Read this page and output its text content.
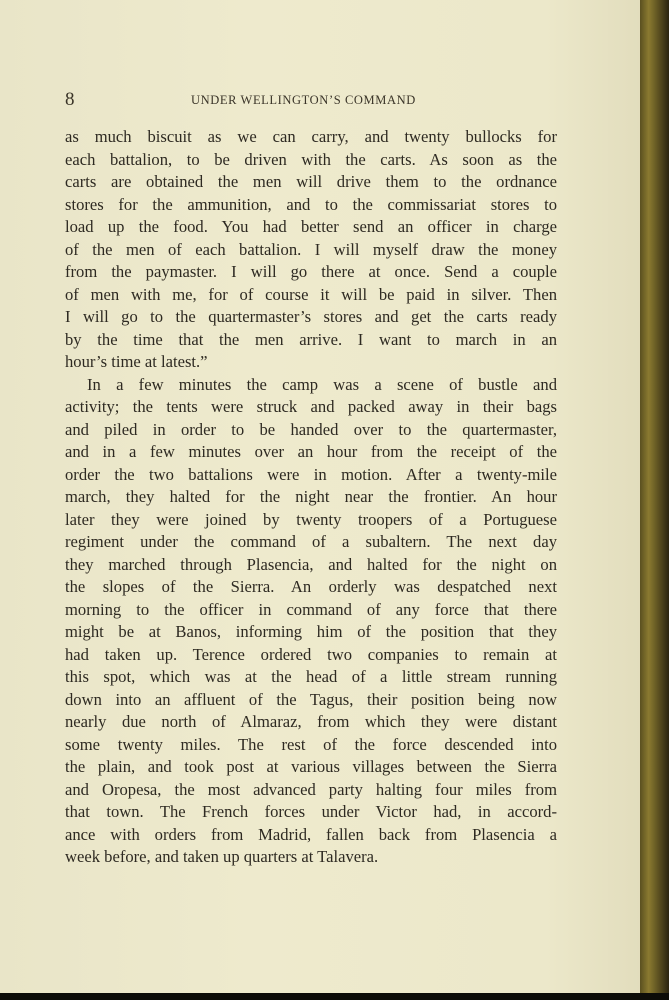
8	UNDER WELLINGTON’S COMMAND
as much biscuit as we can carry, and twenty bullocks for
each battalion, to be driven with the carts. As soon as the
carts are obtained the men will drive them to the ordnance
stores for the ammunition, and to the commissariat stores to
load up the food. You had better send an officer in charge
of the men of each battalion. I will myself draw the money
from the paymaster. I will go there at once. Send a couple
of men with me, for of course it will be paid in silver. Then
I will go to the quartermaster’s stores and get the carts ready
by the time that the men arrive. I want to march in an
hour’s time at latest.”
In a few minutes the camp was a scene of bustle and
activity; the tents were struck and packed away in their bags
and piled in order to be handed over to the quartermaster,
and in a few minutes over an hour from the receipt of the
order the two battalions were in motion. After a twenty-mile
march, they halted for the night near the frontier. An hour
later they were joined by twenty troopers of a Portuguese
regiment under the command of a subaltern. The next day
they marched through Plasencia, and halted for the night on
the slopes of the Sierra. An orderly was despatched next
morning to the officer in command of any force that there
might be at Banos, informing him of the position that they
had taken up. Terence ordered two companies to remain at
this spot, which was at the head of a little stream running
down into an affluent of the Tagus, their position being now
nearly due north of Almaraz, from which they were distant
some twenty miles. The rest of the force descended into
the plain, and took post at various villages between the Sierra
and Oropesa, the most advanced party halting four miles from
that town. The French forces under Victor had, in accord-
ance with orders from Madrid, fallen back from Plasencia a
week before, and taken up quarters at Talavera.
